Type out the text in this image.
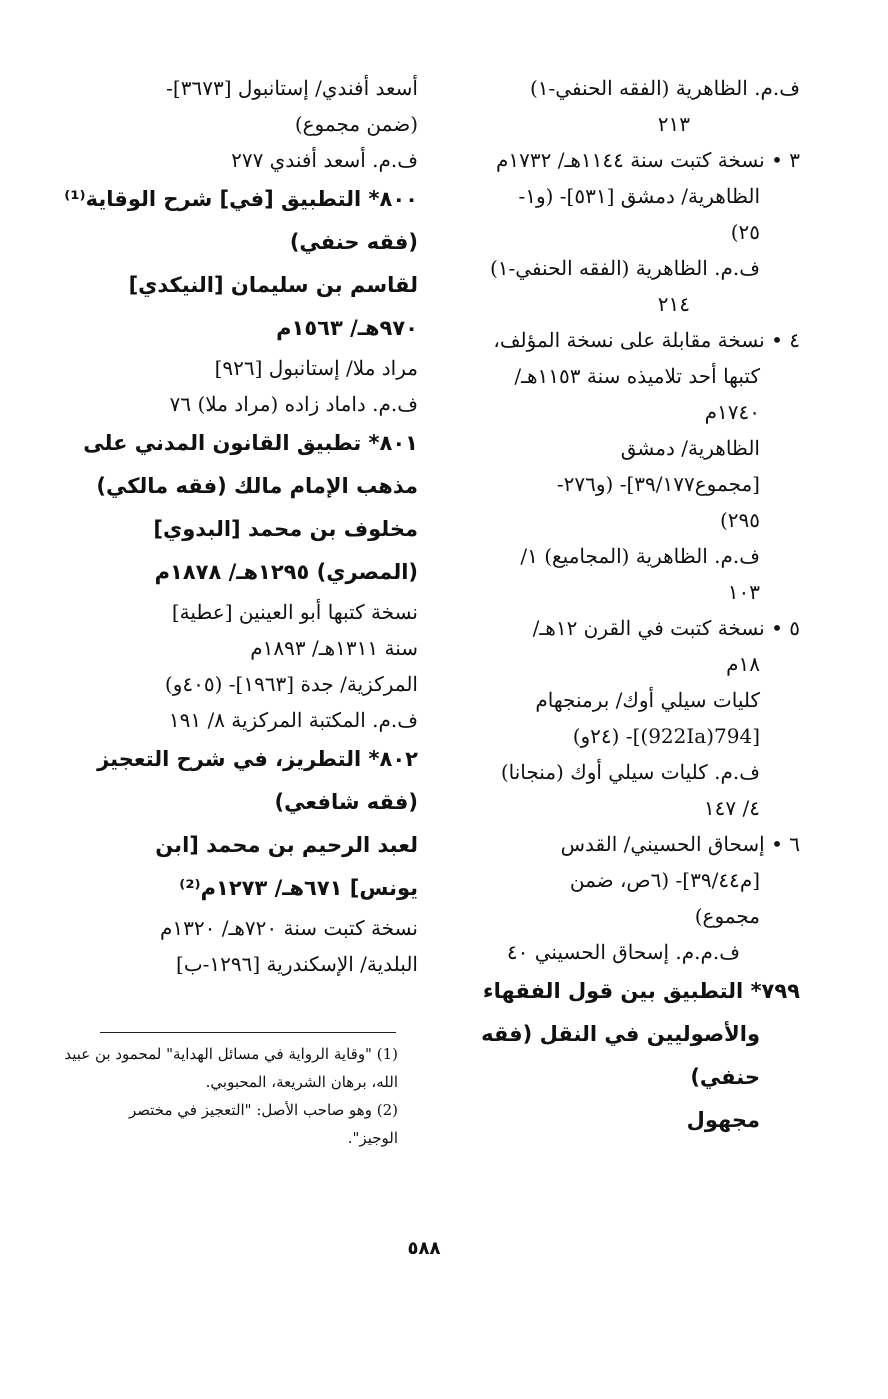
ف.م. الظاهرية (الفقه الحنفي-١)
٢١٣
٣ • نسخة كتبت سنة ١١٤٤هـ/ ١٧٣٢م
الظاهرية/ دمشق [٥٣١]- (و١-
٢٥)
ف.م. الظاهرية (الفقه الحنفي-١)
٢١٤
٤ • نسخة مقابلة على نسخة المؤلف،
كتبها أحد تلاميذه سنة ١١٥٣هـ/
١٧٤٠م
الظاهرية/ دمشق
[مجموع٣٩/١٧٧]- (و٢٧٦-
٢٩٥)
ف.م. الظاهرية (المجاميع) ١/
١٠٣
٥ • نسخة كتبت في القرن ١٢هـ/
١٨م
كليات سيلي أوك/ برمنجهام
[794(922Ia)]- (٢٤و)
ف.م. كليات سيلي أوك (منجانا)
٤/ ١٤٧
٦ • إسحاق الحسيني/ القدس
[م٣٩/٤٤]- (٦ص، ضمن
مجموع)
ف.م.م. إسحاق الحسيني ٤٠
٧٩٩* التطبيق بين قول الفقهاء
والأصوليين في النقل (فقه
حنفي)
مجهول
أسعد أفندي/ إستانبول [٣٦٧٣]-
(ضمن مجموع)
ف.م. أسعد أفندي ٢٧٧
٨٠٠* التطبيق [في] شرح الوقاية⁽¹⁾
(فقه حنفي)
لقاسم بن سليمان [النيكدي]
٩٧٠هـ/ ١٥٦٣م
مراد ملا/ إستانبول [٩٢٦]
ف.م. داماد زاده (مراد ملا) ٧٦
٨٠١* تطبيق القانون المدني على
مذهب الإمام مالك (فقه مالكي)
مخلوف بن محمد [البدوي]
(المصري) ١٢٩٥هـ/ ١٨٧٨م
نسخة كتبها أبو العينين [عطية]
سنة ١٣١١هـ/ ١٨٩٣م
المركزية/ جدة [١٩٦٣]- (٤٠٥و)
ف.م. المكتبة المركزية ٨/ ١٩١
٨٠٢* التطريز، في شرح التعجيز
(فقه شافعي)
لعبد الرحيم بن محمد [ابن
يونس] ٦٧١هـ/ ١٢٧٣م⁽²⁾
نسخة كتبت سنة ٧٢٠هـ/ ١٣٢٠م
البلدية/ الإسكندرية [١٢٩٦-ب]
(1) "وقاية الرواية في مسائل الهداية" لمحمود بن عبيد
الله، برهان الشريعة، المحبوبي.
(2) وهو صاحب الأصل: "التعجيز في مختصر
الوجيز".
٥٨٨
